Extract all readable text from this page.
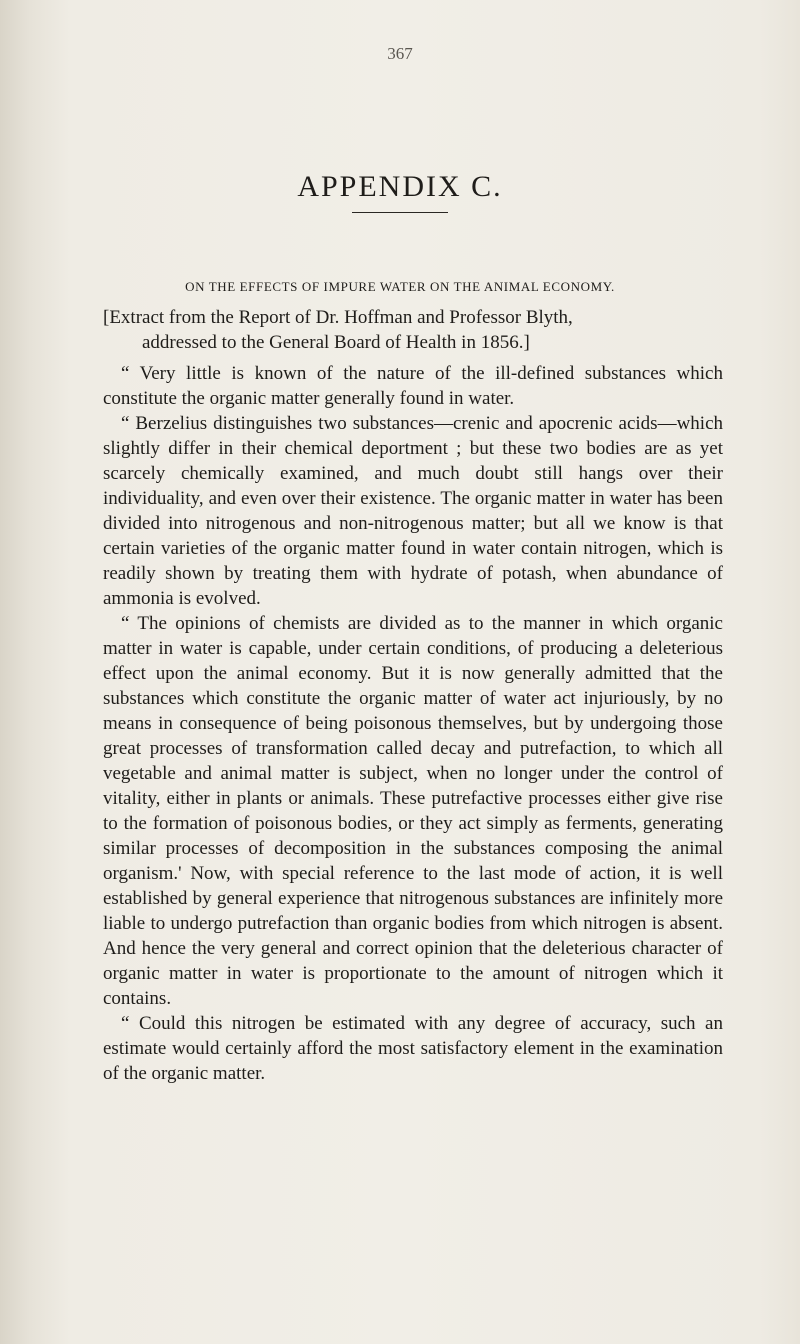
367
APPENDIX C.
ON THE EFFECTS OF IMPURE WATER ON THE ANIMAL ECONOMY.
[Extract from the Report of Dr. Hoffman and Professor Blyth,
addressed to the General Board of Health in 1856.]

“ Very little is known of the nature of the ill-defined substances which constitute the organic matter generally found in water.

“ Berzelius distinguishes two substances—crenic and apocrenic acids—which slightly differ in their chemical deportment ; but these two bodies are as yet scarcely chemically examined, and much doubt still hangs over their individuality, and even over their existence. The organic matter in water has been divided into nitrogenous and non-nitrogenous matter; but all we know is that certain varieties of the organic matter found in water contain nitrogen, which is readily shown by treating them with hydrate of potash, when abundance of ammonia is evolved.

“ The opinions of chemists are divided as to the manner in which organic matter in water is capable, under certain conditions, of producing a deleterious effect upon the animal economy. But it is now generally admitted that the substances which constitute the organic matter of water act injuriously, by no means in consequence of being poisonous themselves, but by undergoing those great processes of transformation called decay and putrefaction, to which all vegetable and animal matter is subject, when no longer under the control of vitality, either in plants or animals. These putrefactive processes either give rise to the formation of poisonous bodies, or they act simply as ferments, generating similar processes of decomposition in the substances composing the animal organism.' Now, with special reference to the last mode of action, it is well established by general experience that nitrogenous substances are infinitely more liable to undergo putrefaction than organic bodies from which nitrogen is absent. And hence the very general and correct opinion that the deleterious character of organic matter in water is proportionate to the amount of nitrogen which it contains.

“ Could this nitrogen be estimated with any degree of accuracy, such an estimate would certainly afford the most satisfactory element in the examination of the organic matter.
